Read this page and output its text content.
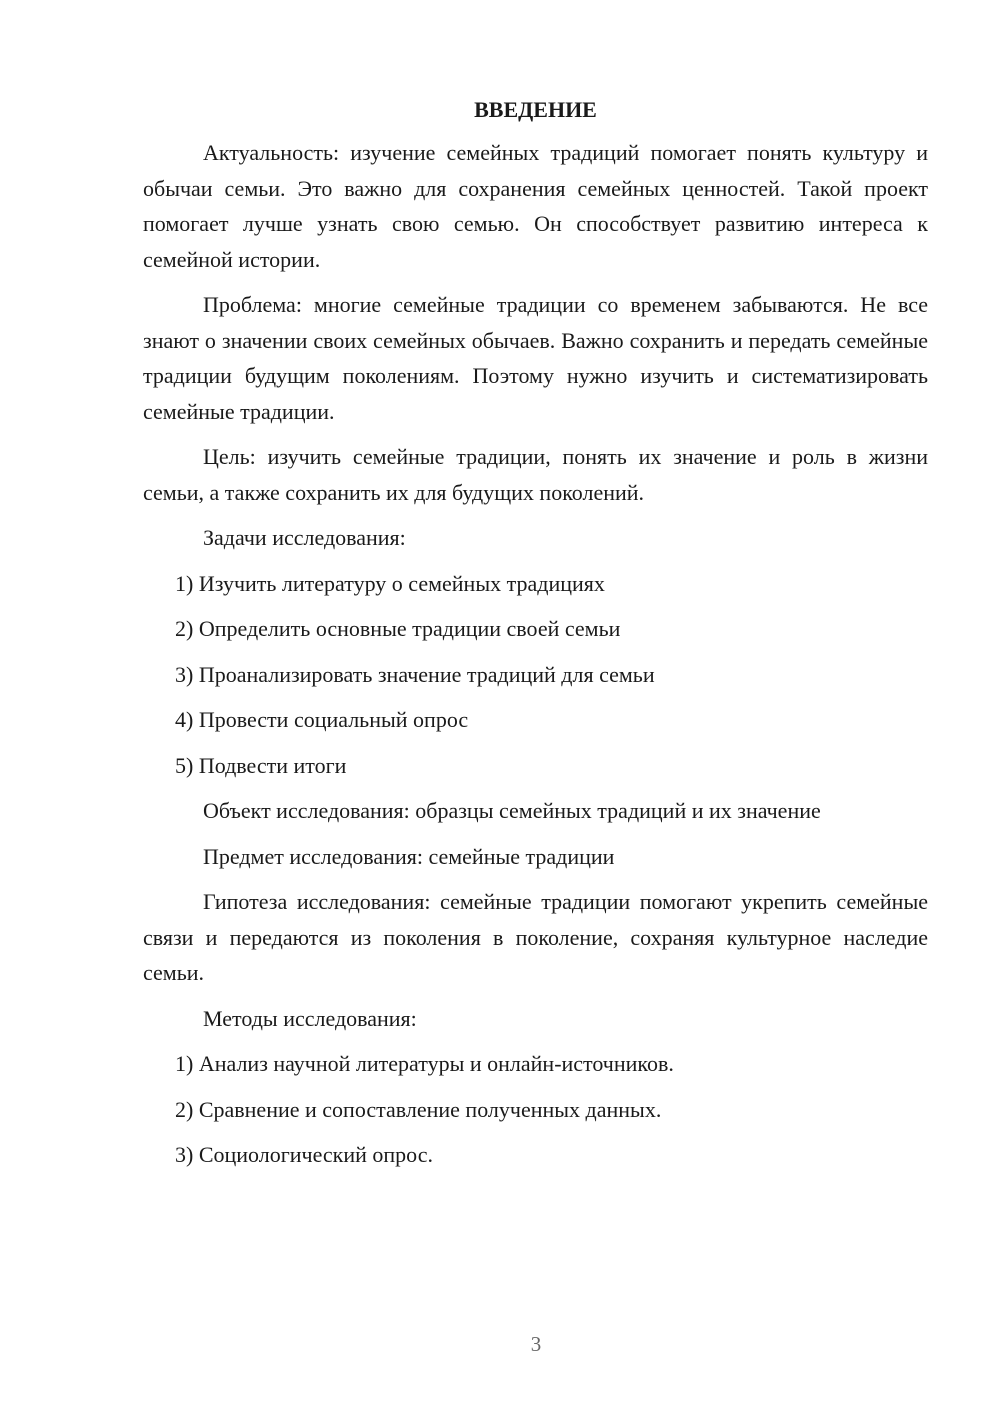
ВВЕДЕНИЕ

Актуальность: изучение семейных традиций помогает понять культуру и обычаи семьи. Это важно для сохранения семейных ценностей. Такой проект помогает лучше узнать свою семью. Он способствует развитию интереса к семейной истории.

Проблема: многие семейные традиции со временем забываются. Не все знают о значении своих семейных обычаев. Важно сохранить и передать семейные традиции будущим поколениям. Поэтому нужно изучить и систематизировать семейные традиции.

Цель: изучить семейные традиции, понять их значение и роль в жизни семьи, а также сохранить их для будущих поколений.

Задачи исследования:

1) Изучить литературу о семейных традициях
2) Определить основные традиции своей семьи
3) Проанализировать значение традиций для семьи
4) Провести социальный опрос
5) Подвести итоги

Объект исследования: образцы семейных традиций и их значение

Предмет исследования: семейные традиции

Гипотеза исследования: семейные традиции помогают укрепить семейные связи и передаются из поколения в поколение, сохраняя культурное наследие семьи.

Методы исследования:

1) Анализ научной литературы и онлайн-источников.
2) Сравнение и сопоставление полученных данных.
3) Социологический опрос.
3
